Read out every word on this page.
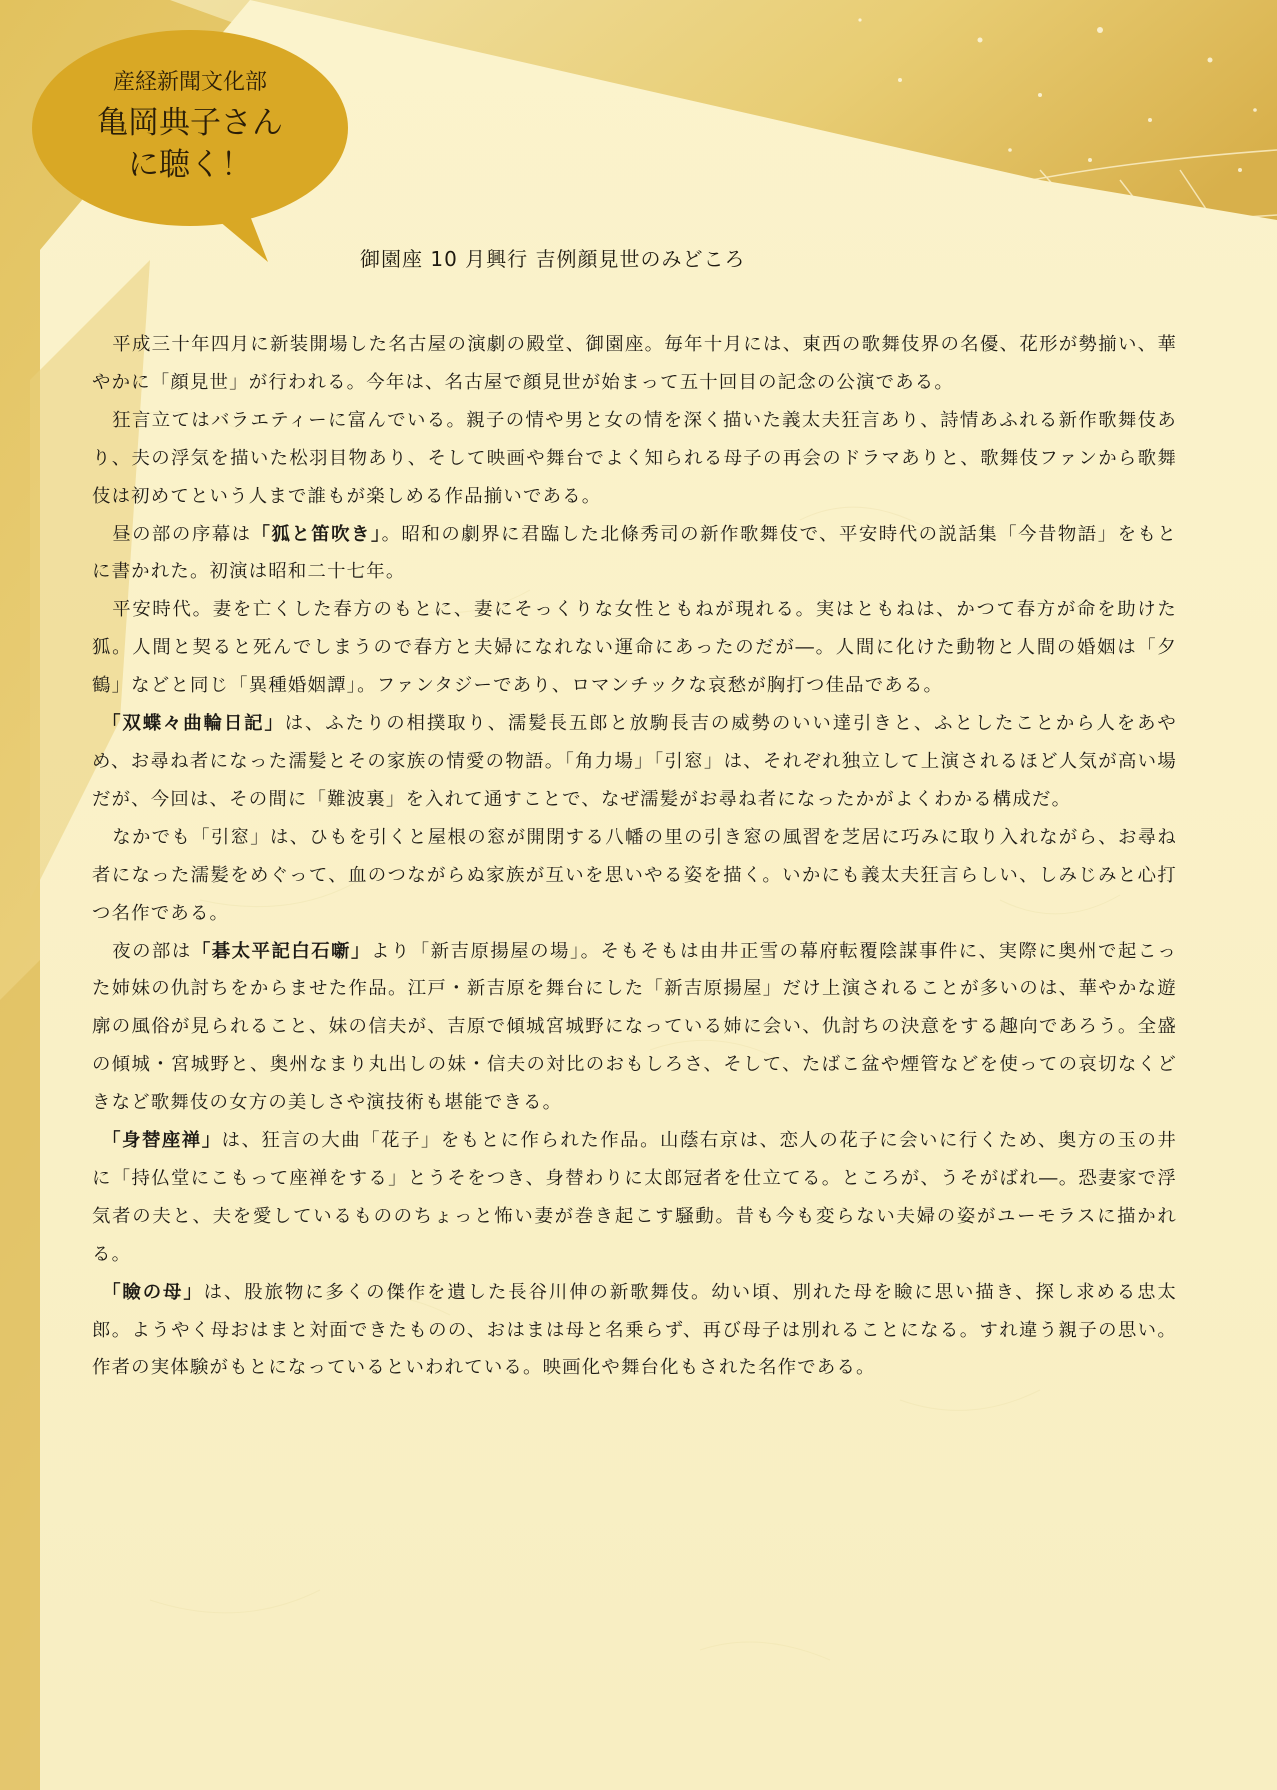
産経新聞文化部
亀岡典子さん
に聴く！
御園座 10 月興行 吉例顔見世のみどころ

平成三十年四月に新装開場した名古屋の演劇の殿堂、御園座。毎年十月には、東西の歌舞伎界の名優、花形が勢揃い、華やかに「顔見世」が行われる。今年は、名古屋で顔見世が始まって五十回目の記念の公演である。

狂言立てはバラエティーに富んでいる。親子の情や男と女の情を深く描いた義太夫狂言あり、詩情あふれる新作歌舞伎あり、夫の浮気を描いた松羽目物あり、そして映画や舞台でよく知られる母子の再会のドラマありと、歌舞伎ファンから歌舞伎は初めてという人まで誰もが楽しめる作品揃いである。

昼の部の序幕は「狐と笛吹き」。昭和の劇界に君臨した北條秀司の新作歌舞伎で、平安時代の説話集「今昔物語」をもとに書かれた。初演は昭和二十七年。

平安時代。妻を亡くした春方のもとに、妻にそっくりな女性ともねが現れる。実はともねは、かつて春方が命を助けた狐。人間と契ると死んでしまうので春方と夫婦になれない運命にあったのだが―。人間に化けた動物と人間の婚姻は「夕鶴」などと同じ「異種婚姻譚」。ファンタジーであり、ロマンチックな哀愁が胸打つ佳品である。

「双蝶々曲輪日記」は、ふたりの相撲取り、濡髪長五郎と放駒長吉の威勢のいい達引きと、ふとしたことから人をあやめ、お尋ね者になった濡髪とその家族の情愛の物語。「角力場」「引窓」は、それぞれ独立して上演されるほど人気が高い場だが、今回は、その間に「難波裏」を入れて通すことで、なぜ濡髪がお尋ね者になったかがよくわかる構成だ。

なかでも「引窓」は、ひもを引くと屋根の窓が開閉する八幡の里の引き窓の風習を芝居に巧みに取り入れながら、お尋ね者になった濡髪をめぐって、血のつながらぬ家族が互いを思いやる姿を描く。いかにも義太夫狂言らしい、しみじみと心打つ名作である。

夜の部は「碁太平記白石噺」より「新吉原揚屋の場」。そもそもは由井正雪の幕府転覆陰謀事件に、実際に奥州で起こった姉妹の仇討ちをからませた作品。江戸・新吉原を舞台にした「新吉原揚屋」だけ上演されることが多いのは、華やかな遊廓の風俗が見られること、妹の信夫が、吉原で傾城宮城野になっている姉に会い、仇討ちの決意をする趣向であろう。全盛の傾城・宮城野と、奥州なまり丸出しの妹・信夫の対比のおもしろさ、そして、たばこ盆や煙管などを使っての哀切なくどきなど歌舞伎の女方の美しさや演技術も堪能できる。

「身替座禅」は、狂言の大曲「花子」をもとに作られた作品。山蔭右京は、恋人の花子に会いに行くため、奥方の玉の井に「持仏堂にこもって座禅をする」とうそをつき、身替わりに太郎冠者を仕立てる。ところが、うそがばれ―。恐妻家で浮気者の夫と、夫を愛しているもののちょっと怖い妻が巻き起こす騒動。昔も今も変らない夫婦の姿がユーモラスに描かれる。

「瞼の母」は、股旅物に多くの傑作を遺した長谷川伸の新歌舞伎。幼い頃、別れた母を瞼に思い描き、探し求める忠太郎。ようやく母おはまと対面できたものの、おはまは母と名乗らず、再び母子は別れることになる。すれ違う親子の思い。作者の実体験がもとになっているといわれている。映画化や舞台化もされた名作である。
